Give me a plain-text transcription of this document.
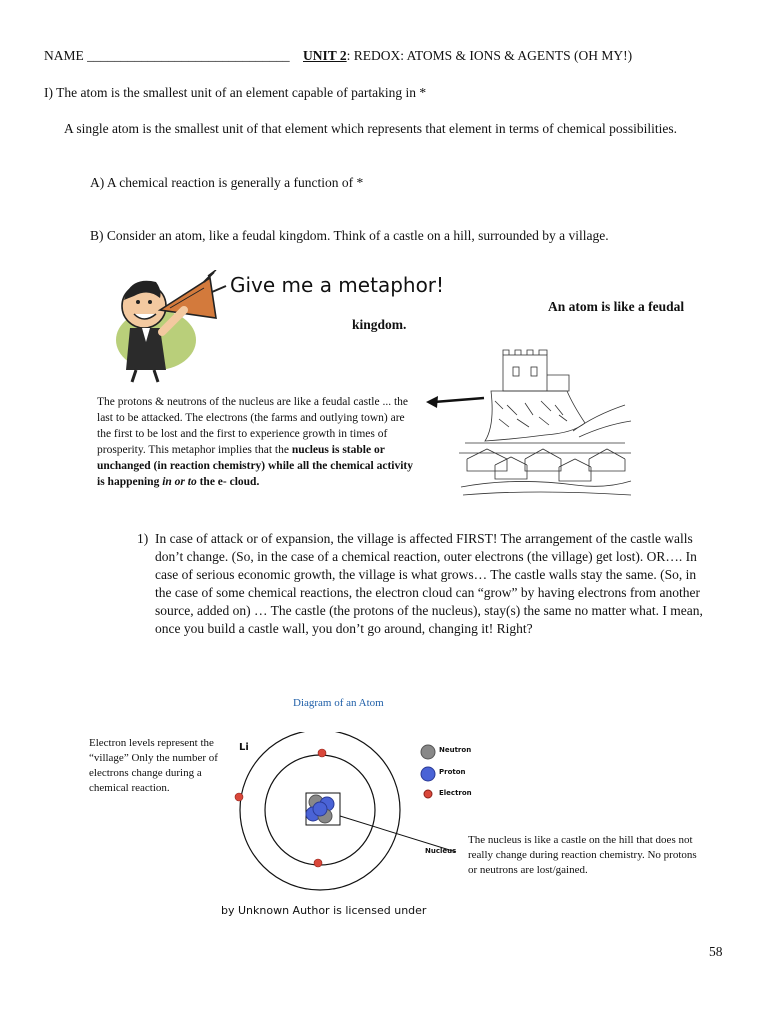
NAME ______________________________ UNIT 2: REDOX: ATOMS & IONS & AGENTS (OH MY!)
I) The atom is the smallest unit of an element capable of partaking in *
A single atom is the smallest unit of that element which represents that element in terms of chemical possibilities.
A) A chemical reaction is generally a function of *
B) Consider an atom, like a feudal kingdom. Think of a castle on a hill, surrounded by a village.
Give me a metaphor!
An atom is like a feudal
kingdom.
The protons & neutrons of the nucleus are like a feudal castle ... the last to be attacked. The electrons (the farms and outlying town) are the first to be lost and the first to experience growth in times of prosperity. This metaphor implies that the nucleus is stable or unchanged (in reaction chemistry) while all the chemical activity is happening in or to the e- cloud.
1) In case of attack or of expansion, the village is affected FIRST! The arrangement of the castle walls don’t change. (So, in the case of a chemical reaction, outer electrons (the village) get lost). OR…. In case of serious economic growth, the village is what grows… The castle walls stay the same. (So, in the case of some chemical reactions, the electron cloud can “grow” by having electrons from another source, added on) … The castle (the protons of the nucleus), stay(s) the same no matter what. I mean, once you build a castle wall, you don’t go around, changing it! Right?
Diagram of an Atom
Electron levels represent the “village” Only the number of electrons change during a chemical reaction.
Li	Neutron
Proton
Electron
Nucleus
The nucleus is like a castle on the hill that does not really change during reaction chemistry. No protons or neutrons are lost/gained.
by Unknown Author is licensed under
58
